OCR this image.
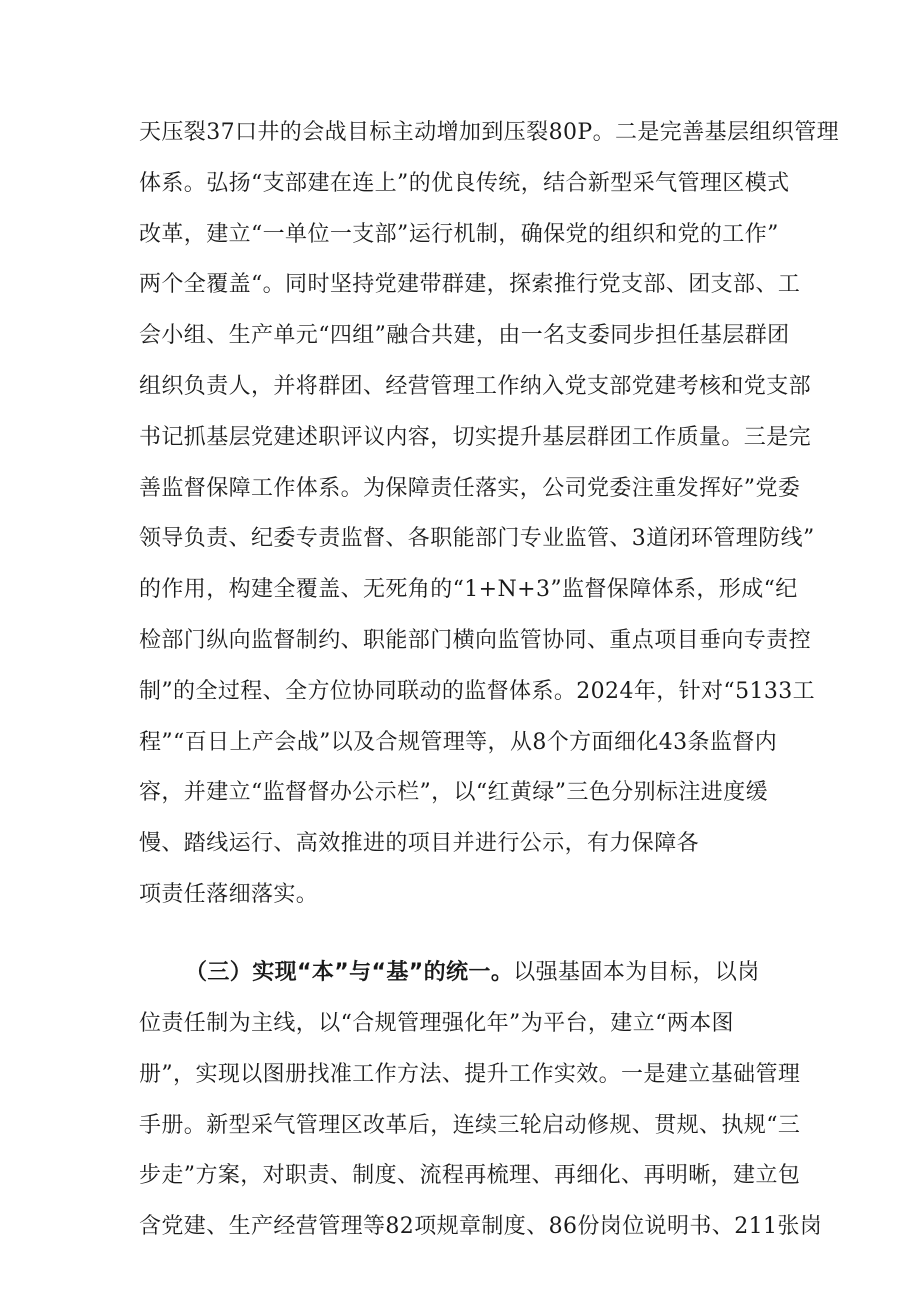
天压裂37口井的会战目标主动增加到压裂80P。二是完善基层组织管理
体系。弘扬“支部建在连上”的优良传统，结合新型采气管理区模式
改革，建立“一单位一支部”运行机制，确保党的组织和党的工作”
两个全覆盖“。同时坚持党建带群建，探索推行党支部、团支部、工
会小组、生产单元“四组”融合共建，由一名支委同步担任基层群团
组织负责人，并将群团、经营管理工作纳入党支部党建考核和党支部
书记抓基层党建述职评议内容，切实提升基层群团工作质量。三是完
善监督保障工作体系。为保障责任落实，公司党委注重发挥好”党委
领导负责、纪委专责监督、各职能部门专业监管、3道闭环管理防线”
的作用，构建全覆盖、无死角的“1+N+3”监督保障体系，形成“纪
检部门纵向监督制约、职能部门横向监管协同、重点项目垂向专责控
制”的全过程、全方位协同联动的监督体系。2024年，针对“5133工
程”“百日上产会战”以及合规管理等，从8个方面细化43条监督内
容，并建立“监督督办公示栏”，以“红黄绿”三色分别标注进度缓
慢、踏线运行、高效推进的项目并进行公示，有力保障各
项责任落细落实。
（三）实现“本”与“基”的统一。以强基固本为目标，以岗
位责任制为主线，以“合规管理强化年”为平台，建立“两本图
册”，实现以图册找准工作方法、提升工作实效。一是建立基础管理
手册。新型采气管理区改革后，连续三轮启动修规、贯规、执规“三
步走”方案，对职责、制度、流程再梳理、再细化、再明晰，建立包
含党建、生产经营管理等82项规章制度、86份岗位说明书、211张岗
